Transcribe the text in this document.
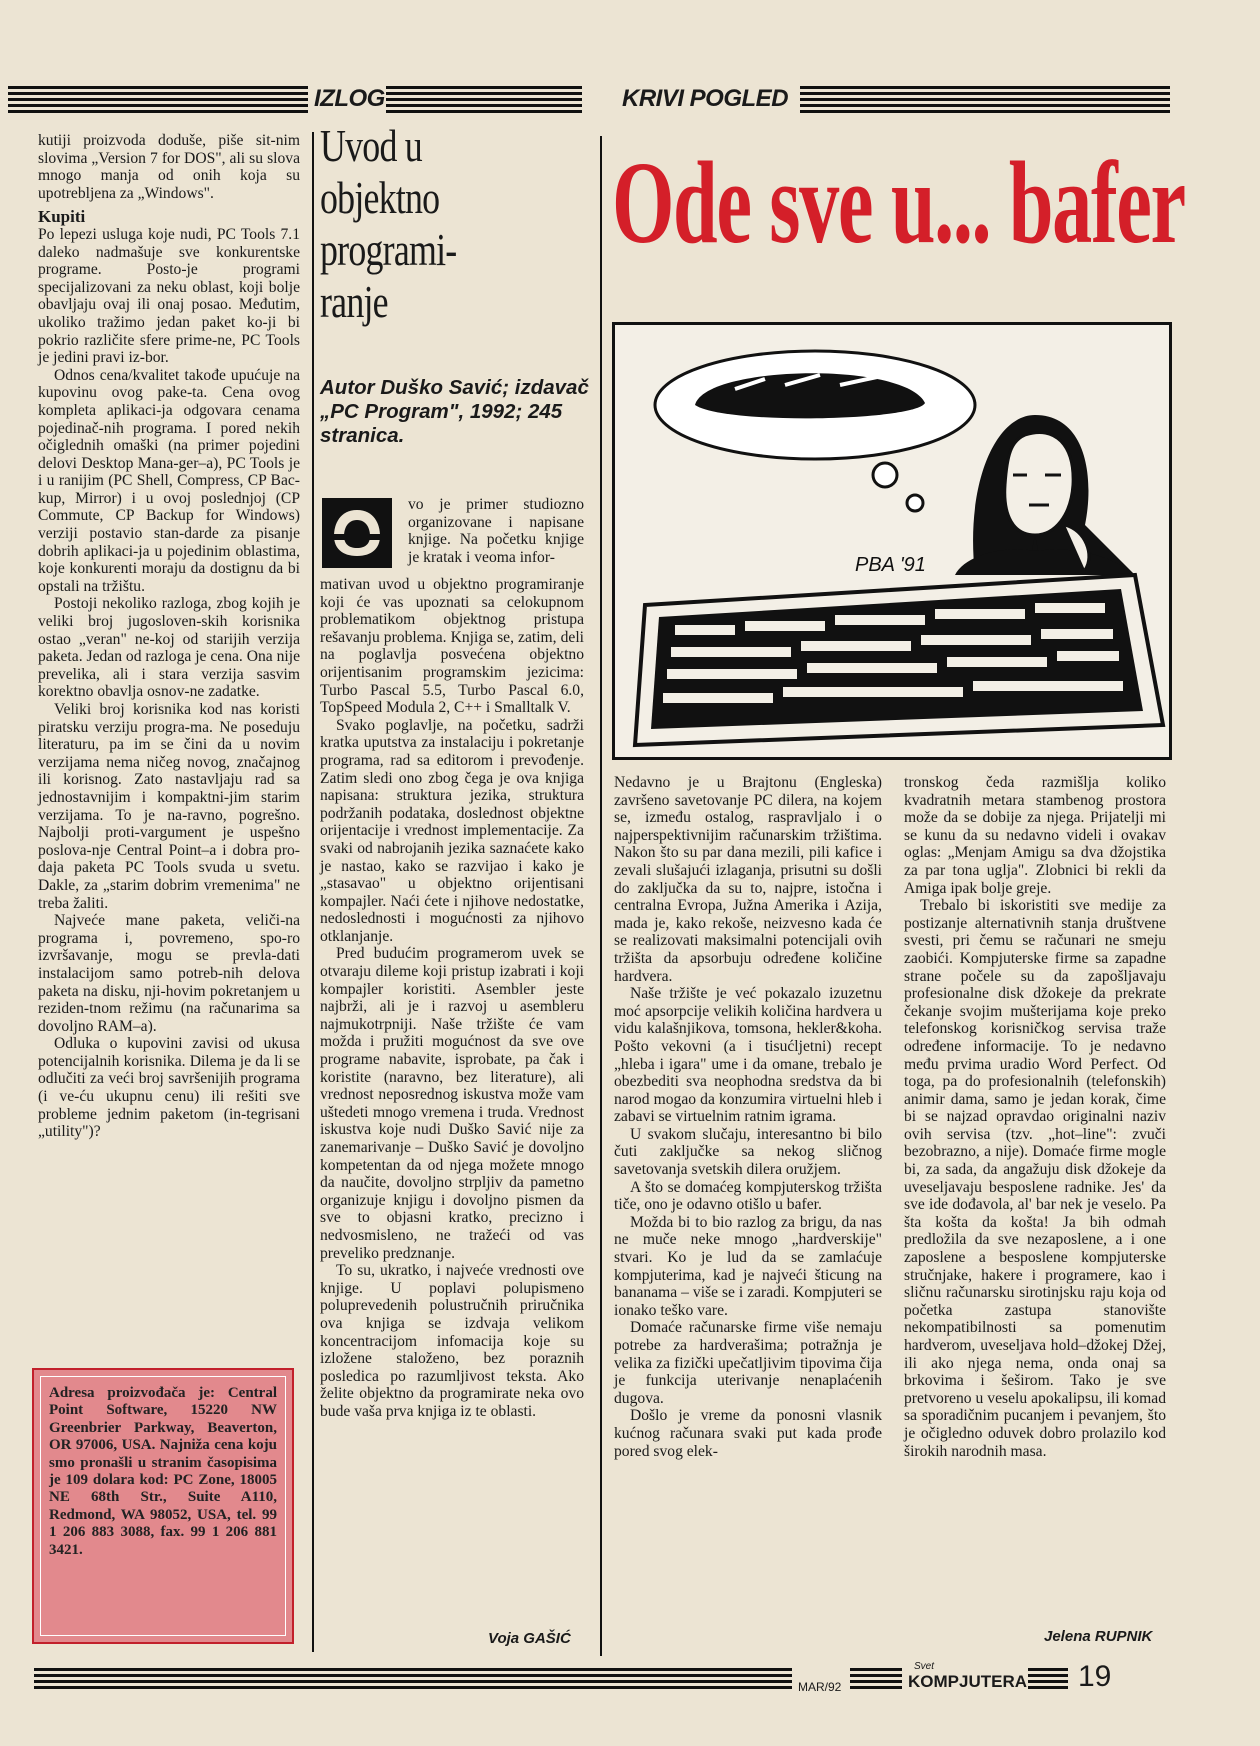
IZLOG	KRIVI POGLED

kutiji proizvoda doduše, piše sit-nim slovima „Version 7 for DOS", ali su slova mnogo manja od onih koja su upotrebljena za „Windows".

Kupiti

Po lepezi usluga koje nudi, PC Tools 7.1 daleko nadmašuje sve konkurentske programe. Posto-je programi specijalizovani za neku oblast, koji bolje obavljaju ovaj ili onaj posao. Međutim, ukoliko tražimo jedan paket ko-ji bi pokrio različite sfere prime-ne, PC Tools je jedini pravi iz-bor.

Odnos cena/kvalitet takođe upućuje na kupovinu ovog pake-ta. Cena ovog kompleta aplikaci-ja odgovara cenama pojedinač-nih programa. I pored nekih očiglednih omaški (na primer pojedini delovi Desktop Mana-ger–a), PC Tools je i u ranijim (PC Shell, Compress, CP Bac-kup, Mirror) i u ovoj poslednjoj (CP Commute, CP Backup for Windows) verziji postavio stan-darde za pisanje dobrih aplikaci-ja u pojedinim oblastima, koje konkurenti moraju da dostignu da bi opstali na tržištu.

Postoji nekoliko razloga, zbog kojih je veliki broj jugosloven-skih korisnika ostao „veran" ne-koj od starijih verzija paketa. Jedan od razloga je cena. Ona nije prevelika, ali i stara verzija sasvim korektno obavlja osnov-ne zadatke.

Veliki broj korisnika kod nas koristi piratsku verziju progra-ma. Ne poseduju literaturu, pa im se čini da u novim verzijama nema ničeg novog, značajnog ili korisnog. Zato nastavljaju rad sa jednostavnijim i kompaktni-jim starim verzijama. To je na-ravno, pogrešno. Najbolji proti-vargument je uspešno poslova-nje Central Point–a i dobra pro-daja paketa PC Tools svuda u svetu. Dakle, za „starim dobrim vremenima" ne treba žaliti.

Najveće mane paketa, veliči-na programa i, povremeno, spo-ro izvršavanje, mogu se prevla-dati instalacijom samo potreb-nih delova paketa na disku, nji-hovim pokretanjem u reziden-tnom režimu (na računarima sa dovoljno RAM–a).

Odluka o kupovini zavisi od ukusa potencijalnih korisnika. Dilema je da li se odlučiti za veći broj savršenijih programa (i ve-ću ukupnu cenu) ili rešiti sve probleme jednim paketom (in-tegrisani „utility")?

Adresa proizvođača je: Central Point Software, 15220 NW Greenbrier Parkway, Beaverton, OR 97006, USA. Najniža cena koju smo pronašli u stranim časopisima je 109 dolara kod: PC Zone, 18005 NE 68th Str., Suite A110, Redmond, WA 98052, USA, tel. 99 1 206 883 3088, fax. 99 1 206 881 3421.
Uvod u
objektno
programi-
ranje
Autor Duško Savić; izdavač „PC Program", 1992; 245 stranica.

vo je primer studiozno organizovane i napisane knjige. Na početku knjige je kratak i veoma infor-

mativan uvod u objektno programiranje koji će vas upoznati sa celokupnom problematikom objektnog pristupa rešavanju problema. Knjiga se, zatim, deli na poglavlja posvećena objektno orijentisanim programskim jezicima: Turbo Pascal 5.5, Turbo Pascal 6.0, TopSpeed Modula 2, C++ i Smalltalk V.

Svako poglavlje, na početku, sadrži kratka uputstva za instalaciju i pokretanje programa, rad sa editorom i prevođenje. Zatim sledi ono zbog čega je ova knjiga napisana: struktura jezika, struktura podržanih podataka, doslednost objektne orijentacije i vrednost implementacije. Za svaki od nabrojanih jezika saznaćete kako je nastao, kako se razvijao i kako je „stasavao" u objektno orijentisani kompajler. Naći ćete i njihove nedostatke, nedoslednosti i mogućnosti za njihovo otklanjanje.

Pred budućim programerom uvek se otvaraju dileme koji pristup izabrati i koji kompajler koristiti. Asembler jeste najbrži, ali je i razvoj u asembleru najmukotrpniji. Naše tržište će vam možda i pružiti mogućnost da sve ove programe nabavite, isprobate, pa čak i koristite (naravno, bez literature), ali vrednost neposrednog iskustva može vam uštedeti mnogo vremena i truda. Vrednost iskustva koje nudi Duško Savić nije za zanemarivanje – Duško Savić je dovoljno kompetentan da od njega možete mnogo da naučite, dovoljno strpljiv da pametno organizuje knjigu i dovoljno pismen da sve to objasni kratko, precizno i nedvosmisleno, ne tražeći od vas preveliko predznanje.

To su, ukratko, i najveće vrednosti ove knjige. U poplavi polupismeno poluprevedenih polustručnih priručnika ova knjiga se izdvaja velikom koncentracijom infomacija koje su izložene staloženo, bez poraznih posledica po razumljivost teksta. Ako želite objektno da programirate neka ovo bude vaša prva knjiga iz te oblasti.

Voja GAŠIĆ
Ode sve u... bafer
PBA '91

Nedavno je u Brajtonu (Engleska) završeno savetovanje PC dilera, na kojem se, između ostalog, raspravljalo i o najperspektivnijim računarskim tržištima. Nakon što su par dana mezili, pili kafice i zevali slušajući izlaganja, prisutni su došli do zaključka da su to, najpre, istočna i centralna Evropa, Južna Amerika i Azija, mada je, kako rekoše, neizvesno kada će se realizovati maksimalni potencijali ovih tržišta da apsorbuju određene količine hardvera.

Naše tržište je već pokazalo izuzetnu moć apsorpcije velikih količina hardvera u vidu kalašnjikova, tomsona, hekler&koha. Pošto vekovni (a i tisućljetni) recept „hleba i igara" ume i da omane, trebalo je obezbediti sva neophodna sredstva da bi narod mogao da konzumira virtuelni hleb i zabavi se virtuelnim ratnim igrama.

U svakom slučaju, interesantno bi bilo čuti zaključke sa nekog sličnog savetovanja svetskih dilera oružjem.

A što se domaćeg kompjuterskog tržišta tiče, ono je odavno otišlo u bafer.

Možda bi to bio razlog za brigu, da nas ne muče neke mnogo „hardverskije" stvari. Ko je lud da se zamlaćuje kompjuterima, kad je najveći šticung na bananama – više se i zaradi. Kompjuteri se ionako teško vare.

Domaće računarske firme više nemaju potrebe za hardverašima; potražnja je velika za fizički upečatljivim tipovima čija je funkcija uterivanje nenaplaćenih dugova.

Došlo je vreme da ponosni vlasnik kućnog računara svaki put kada prođe pored svog elek-

tronskog čeda razmišlja koliko kvadratnih metara stambenog prostora može da se dobije za njega. Prijatelji mi se kunu da su nedavno videli i ovakav oglas: „Menjam Amigu sa dva džojstika za par tona uglja". Zlobnici bi rekli da Amiga ipak bolje greje.

Trebalo bi iskoristiti sve medije za postizanje alternativnih stanja društvene svesti, pri čemu se računari ne smeju zaobići. Kompjuterske firme sa zapadne strane počele su da zapošljavaju profesionalne disk džokeje da prekrate čekanje svojim mušterijama koje preko telefonskog korisničkog servisa traže određene informacije. To je nedavno među prvima uradio Word Perfect. Od toga, pa do profesionalnih (telefonskih) animir dama, samo je jedan korak, čime bi se najzad opravdao originalni naziv ovih servisa (tzv. „hot–line": zvuči bezobrazno, a nije). Domaće firme mogle bi, za sada, da angažuju disk džokeje da uveseljavaju besposlene radnike. Jes' da sve ide dođavola, al' bar nek je veselo. Pa šta košta da košta! Ja bih odmah predložila da sve nezaposlene, a i one zaposlene a besposlene kompjuterske stručnjake, hakere i programere, kao i sličnu računarsku sirotinjsku raju koja od početka zastupa stanovište nekompatibilnosti sa pomenutim hardverom, uveseljava hold–džokej Džej, ili ako njega nema, onda onaj sa brkovima i šeširom. Tako je sve pretvoreno u veselu apokalipsu, ili komad sa sporadičnim pucanjem i pevanjem, što je očigledno oduvek dobro prolazilo kod širokih narodnih masa.

Jelena RUPNIK
MAR/92
Svet
KOMPJUTERA 19
